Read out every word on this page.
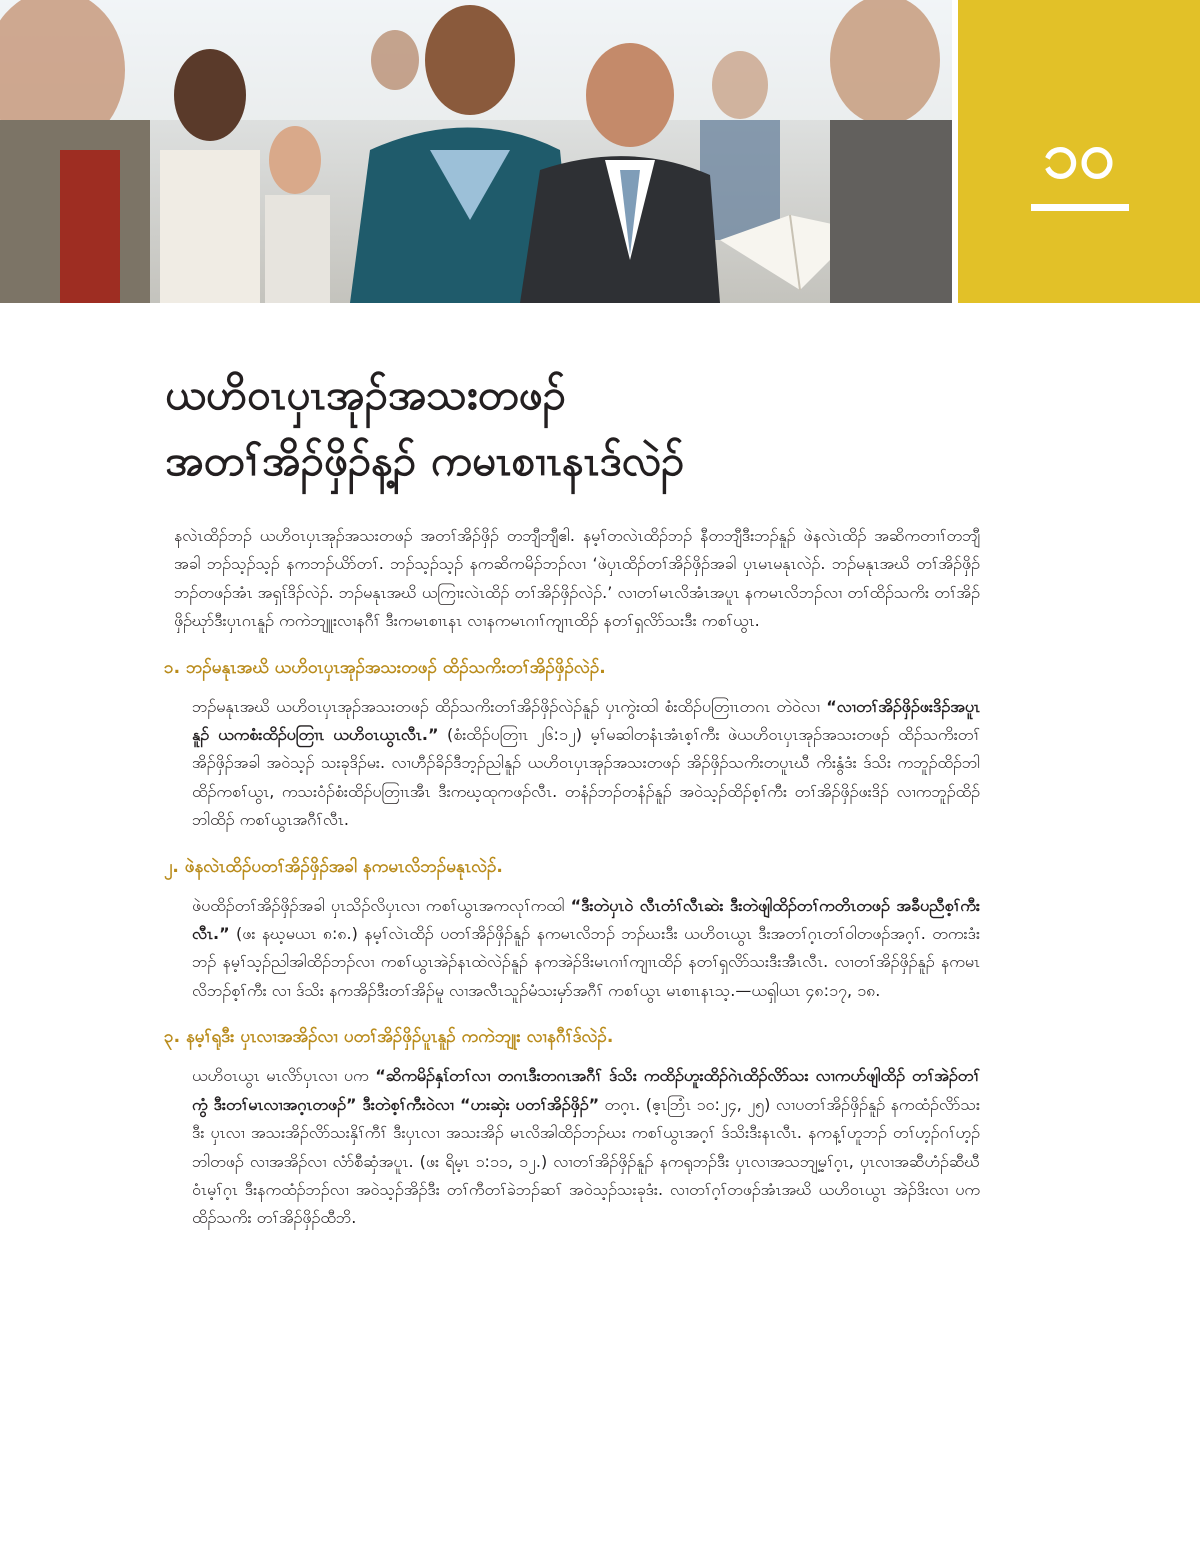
၁၀
ယဟိဝၤပှၤအုၣ်အသးတဖၣ်
အတၢ်အိၣ်ဖှိၣ်န့ၣ် ကမၤစၢၤနၤဒ်လဲၣ်

နလဲၤထိၣ်ဘၣ် ယဟိဝၤပှၤအုၣ်အသးတဖၣ် အတၢ်အိၣ်ဖှိၣ် တဘျီဘျီဧါ. နမ့ၢ်တလဲၤထိၣ်ဘၣ် နီတဘျီဒီးဘၣ်နူၣ် ဖဲနလဲၤထိၣ် အဆိကတၢၢ်တဘျီအခါ ဘၣ်သ့ၣ်သ့ၣ် နကဘၣ်ယိာ်တၢ်. ဘၣ်သ့ၣ်သ့ၣ် နကဆိကမိၣ်ဘၣ်လၢ ‘ဖဲပှၤထိၣ်တၢ်အိၣ်ဖှိၣ်အခါ ပှၤမၤမနုၤလဲၣ်. ဘၣ်မနုၤအဃိ တၢ်အိၣ်ဖှိၣ်ဘၣ်တဖၣ်အံၤ အရှၤ်ဒိၣ်လဲၣ်. ဘၣ်မနုၤအဃိ ယကြၢးလဲၤထိၣ် တၢ်အိၣ်ဖှိၣ်လဲၣ်.’ လၢတၢ်မၤလိအံၤအပူၤ နကမၤလိဘၣ်လၢ တၢ်ထိၣ်သကိး တၢ်အိၣ်ဖှိၣ်ဃုာ်ဒီးပှၤဂၤနူၣ် ကကဲဘျူးလၢနဂီၢ် ဒီးကမၤစၢၤနၤ လၢနကမၤဂၢၢ်ကျၢၤထိၣ် နတၢ်ရှလိာ်သးဒီး ကစၢ်ယွၤ.

၁. ဘၣ်မနုၤအဃိ ယဟိဝၤပှၤအုၣ်အသးတဖၣ် ထိၣ်သကိးတၢ်အိၣ်ဖှိၣ်လဲၣ်.

ဘၣ်မနုၤအဃိ ယဟိဝၤပှၤအုၣ်အသးတဖၣ် ထိၣ်သကိးတၢ်အိၣ်ဖှိၣ်လဲၣ်နူၣ် ပှၤကွဲးထါ စံးထိၣ်ပတြၢၤတဂၤ တဲဝဲလၢ “လၢတၢ်အိၣ်ဖှိၣ်ဖးဒိၣ်အပူၤနူၣ် ယကစံးထိၣ်ပတြၢၤ ယဟိဝၤယွၤလီၤ.” (စံးထိၣ်ပတြၢၤ ၂၆:၁၂) မ့ၢ်မဆါတနံၤအံၤစ့ၢ်ကီး ဖဲယဟိဝၤပှၤအုၣ်အသးတဖၣ် ထိၣ်သကိးတၢ်အိၣ်ဖှိၣ်အခါ အဝဲသ့ၣ် သးခုဒိၣ်မး. လၢဟီၣ်ခိၣ်ဒီဘ့ၣ်ညါနူၣ် ယဟိဝၤပှၤအုၣ်အသးတဖၣ် အိၣ်ဖှိၣ်သကိးတပူၤဃီ ကိးနွံဒံး ဒ်သိး ကဘူၣ်ထိၣ်ဘါထိၣ်ကစၢ်ယွၤ, ကသးဝံၣ်စံးထိၣ်ပတြၢၤအီၤ ဒီးကဃ့ထုကဖၣ်လီၤ. တနံၣ်ဘၣ်တနံၣ်နူၣ် အဝဲသ့ၣ်ထိၣ်စ့ၢ်ကီး တၢ်အိၣ်ဖှိၣ်ဖးဒိၣ် လၢကဘူၣ်ထိၣ်ဘါထိၣ် ကစၢ်ယွၤအဂီၢ်လီၤ.

၂. ဖဲနလဲၤထိၣ်ပတၢ်အိၣ်ဖှိၣ်အခါ နကမၤလိဘၣ်မနုၤလဲၣ်.

ဖဲပထိၣ်တၢ်အိၣ်ဖှိၣ်အခါ ပှၤသိၣ်လိပှၤလၢ ကစၢ်ယွၤအကလုၢ်ကထါ “ဒီးတဲပှၤဝဲ လီၤတံၢ်လီၤဆဲး ဒီးတဲဖျါထိၣ်တၢ်ကတိၤတဖၣ် အခီပညီစ့ၢ်ကီးလီၤ.” (ဖး နဃ့မယၤ ၈:၈.) နမ့ၢ်လဲၤထိၣ် ပတၢ်အိၣ်ဖှိၣ်နူၣ် နကမၤလိဘၣ် ဘၣ်ဃးဒီး ယဟိဝၤယွၤ ဒီးအတၢ်ဂ့ၤတၢ်ဝါတဖၣ်အဂ့ၢ်. တကးဒံးဘၣ် နမ့ၢ်သ့ၣ်ညါအါထိၣ်ဘၣ်လၢ ကစၢ်ယွၤအဲၣ်နၤထဲလဲၣ်နူၣ် နကအဲၣ်ဒိးမၤဂၢၢ်ကျၢၤထိၣ် နတၢ်ရှလိာ်သးဒီးအီၤလီၤ. လၢတၢ်အိၣ်ဖှိၣ်နူၣ် နကမၤလိဘၣ်စ့ၢ်ကီး လၢ ဒ်သိး နကအိၣ်ဒီးတၢ်အိၣ်မူ လၢအလီၤသူၣ်မံသးမှာ်အဂီၢ် ကစၢ်ယွၤ မၤစၢၤနၤသ့.—ယရှါယၤ ၄၈:၁၇, ၁၈.

၃. နမ့ၢ်ရုဒီး ပှၤလၢအအိၣ်လၢ ပတၢ်အိၣ်ဖှိၣ်ပူၤနူၣ် ကကဲဘျုး လၢနဂီၢ်ဒ်လဲၣ်.

ယဟိဝၤယွၤ မၤလိာ်ပှၤလၢ ပက “ဆိကမိၣ်နှၤ်တၢ်လၢ တဂၤဒီးတဂၤအဂီၢ် ဒ်သိး ကထိၣ်ဟူးထိၣ်ဂဲၤထိၣ်လိာ်သး လၢကပာ်ဖျါထိၣ် တၢ်အဲၣ်တၢ်ကွံ ဒီးတၢ်မၤလၢအဂ့ၤတဖၣ်” ဒီးတဲစ့ၢ်ကီးဝဲလၢ “ဟးဆှဲး ပတၢ်အိၣ်ဖှိၣ်” တဂ့ၤ. (ဧ့ၤဘြံၤ ၁၀:၂၄, ၂၅) လၢပတၢ်အိၣ်ဖှိၣ်နူၣ် နကထံၣ်လိာ်သးဒီး ပှၤလၢ အသးအိၣ်လိာ်သးနှိၢ်ကီၢ် ဒီးပှၤလၢ အသးအိၣ် မၤလိအါထိၣ်ဘၣ်ဃး ကစၢ်ယွၤအဂ့ၢ် ဒ်သိးဒီးနၤလီၤ. နကန့ၢ်ဟူဘၣ် တၢ်ဟ့ၣ်ဂၢ်ဟ့ၣ်ဘါတဖၣ် လၢအအိၣ်လၢ လံာ်စီဆှံအပူၤ. (ဖး ရိမ့ၤ ၁:၁၁, ၁၂.) လၢတၢ်အိၣ်ဖှိၣ်နူၣ် နကရုဘၣ်ဒီး ပှၤလၢအသဘျ့မ့ၢ်ဂ့ၤ, ပှၤလၢအဆီဟံၣ်ဆီဃီဝံၤမ့ၢ်ဂ့ၤ ဒီးနကထံၣ်ဘၣ်လၢ အဝဲသ့ၣ်အိၣ်ဒီး တၢ်ကီတၢ်ခဲဘၣ်ဆၢ် အဝဲသ့ၣ်သးခုဒံး. လၢတၢ်ဂ့ၢ်တဖၣ်အံၤအဃိ ယဟိဝၤယွၤ အဲၣ်ဒိးလၢ ပကထိၣ်သကိး တၢ်အိၣ်ဖှိၣ်ထီဘိ.
